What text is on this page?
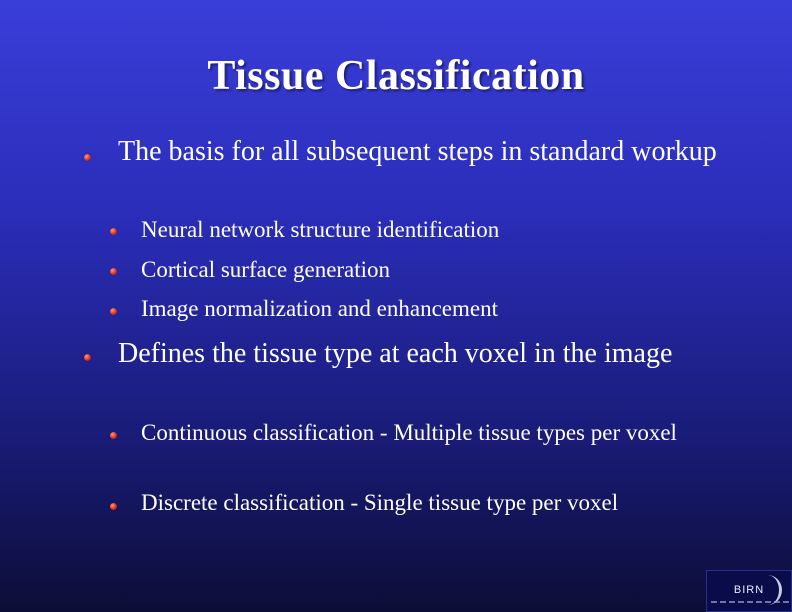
Tissue Classification
The basis for all subsequent steps in standard workup
Neural network structure identification
Cortical surface generation
Image normalization and enhancement
Defines the tissue type at each voxel in the image
Continuous classification - Multiple tissue types per voxel
Discrete classification - Single tissue type per voxel
BIRN
